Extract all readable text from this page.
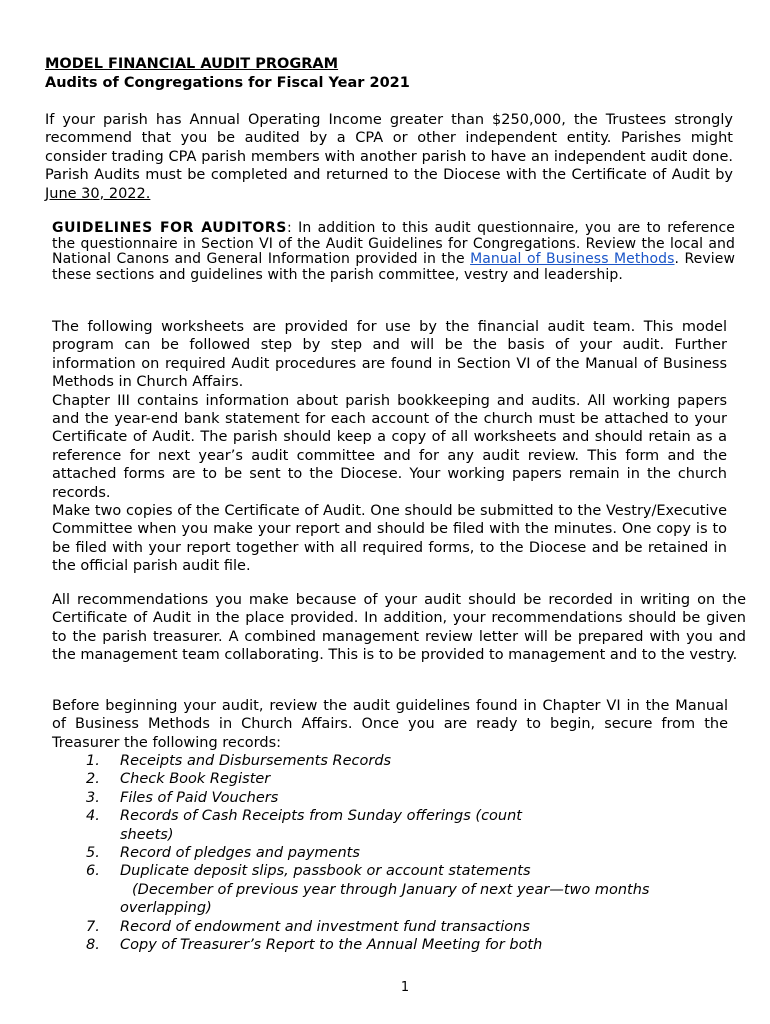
MODEL FINANCIAL AUDIT PROGRAM
Audits of Congregations for Fiscal Year 2021
If your parish has Annual Operating Income greater than $250,000, the Trustees strongly recommend that you be audited by a CPA or other independent entity. Parishes might consider trading CPA parish members with another parish to have an independent audit done. Parish Audits must be completed and returned to the Diocese with the Certificate of Audit by June 30, 2022.
GUIDELINES FOR AUDITORS: In addition to this audit questionnaire, you are to reference the questionnaire in Section VI of the Audit Guidelines for Congregations. Review the local and National Canons and General Information provided in the Manual of Business Methods. Review these sections and guidelines with the parish committee, vestry and leadership.
The following worksheets are provided for use by the financial audit team. This model program can be followed step by step and will be the basis of your audit. Further information on required Audit procedures are found in Section VI of the Manual of Business Methods in Church Affairs.
Chapter III contains information about parish bookkeeping and audits. All working papers and the year-end bank statement for each account of the church must be attached to your Certificate of Audit. The parish should keep a copy of all worksheets and should retain as a reference for next year’s audit committee and for any audit review. This form and the attached forms are to be sent to the Diocese. Your working papers remain in the church records.
Make two copies of the Certificate of Audit. One should be submitted to the Vestry/Executive Committee when you make your report and should be filed with the minutes. One copy is to be filed with your report together with all required forms, to the Diocese and be retained in the official parish audit file.
All recommendations you make because of your audit should be recorded in writing on the Certificate of Audit in the place provided. In addition, your recommendations should be given to the parish treasurer. A combined management review letter will be prepared with you and the management team collaborating. This is to be provided to management and to the vestry.
Before beginning your audit, review the audit guidelines found in Chapter VI in the Manual of Business Methods in Church Affairs. Once you are ready to begin, secure from the Treasurer the following records:
1. Receipts and Disbursements Records
2. Check Book Register
3. Files of Paid Vouchers
4. Records of Cash Receipts from Sunday offerings (count sheets)
5. Record of pledges and payments
6. Duplicate deposit slips, passbook or account statements
(December of previous year through January of next year—two months overlapping)
7. Record of endowment and investment fund transactions
8. Copy of Treasurer’s Report to the Annual Meeting for both
1
